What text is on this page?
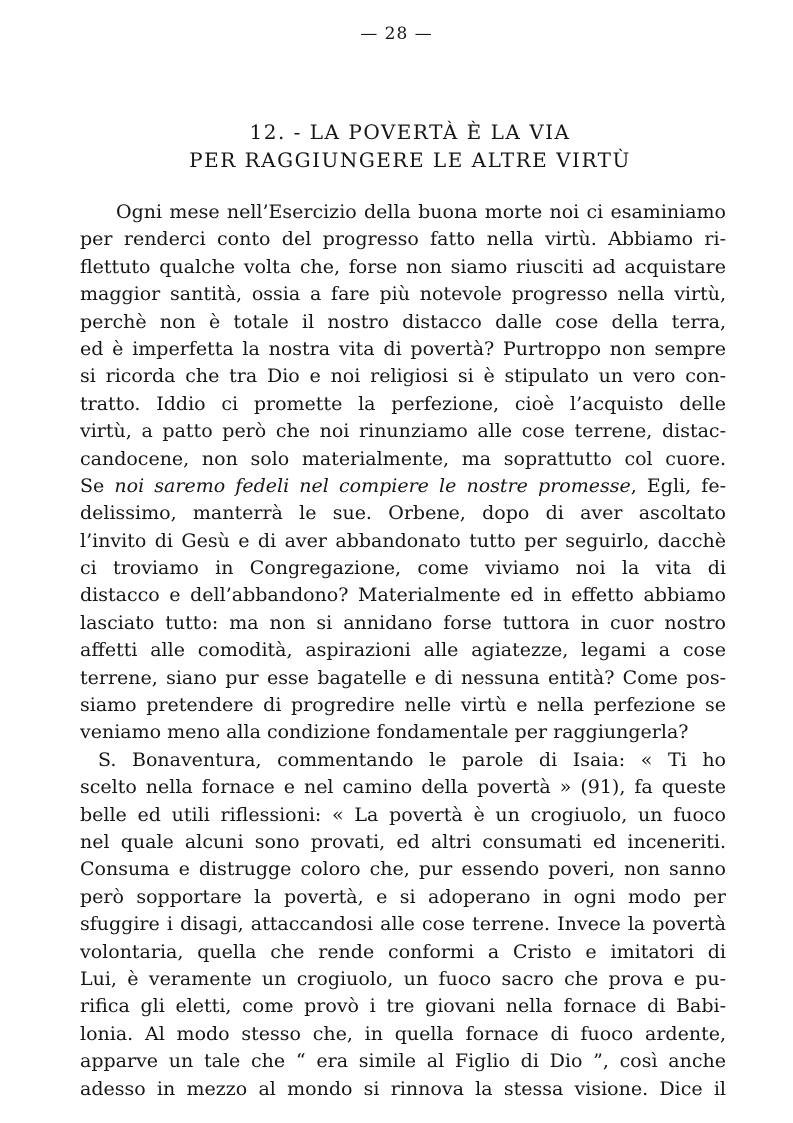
— 28 —
12. - LA POVERTÀ È LA VIA
PER RAGGIUNGERE LE ALTRE VIRTÙ
Ogni mese nell’Esercizio della buona morte noi ci esaminiamo
per renderci conto del progresso fatto nella virtù. Abbiamo ri-
flettuto qualche volta che, forse non siamo riusciti ad acquistare
maggior santità, ossia a fare più notevole progresso nella virtù,
perchè non è totale il nostro distacco dalle cose della terra,
ed è imperfetta la nostra vita di povertà? Purtroppo non sempre
si ricorda che tra Dio e noi religiosi si è stipulato un vero con-
tratto. Iddio ci promette la perfezione, cioè l’acquisto delle
virtù, a patto però che noi rinunziamo alle cose terrene, distac-
candocene, non solo materialmente, ma soprattutto col cuore.
Se noi saremo fedeli nel compiere le nostre promesse, Egli, fe-
delissimo, manterrà le sue. Orbene, dopo di aver ascoltato
l’invito di Gesù e di aver abbandonato tutto per seguirlo, dacchè
ci troviamo in Congregazione, come viviamo noi la vita di
distacco e dell’abbandono? Materialmente ed in effetto abbiamo
lasciato tutto: ma non si annidano forse tuttora in cuor nostro
affetti alle comodità, aspirazioni alle agiatezze, legami a cose
terrene, siano pur esse bagatelle e di nessuna entità? Come pos-
siamo pretendere di progredire nelle virtù e nella perfezione se
veniamo meno alla condizione fondamentale per raggiungerla?
S. Bonaventura, commentando le parole di Isaia: « Ti ho
scelto nella fornace e nel camino della povertà » (91), fa queste
belle ed utili riflessioni: « La povertà è un crogiuolo, un fuoco
nel quale alcuni sono provati, ed altri consumati ed inceneriti.
Consuma e distrugge coloro che, pur essendo poveri, non sanno
però sopportare la povertà, e si adoperano in ogni modo per
sfuggire i disagi, attaccandosi alle cose terrene. Invece la povertà
volontaria, quella che rende conformi a Cristo e imitatori di
Lui, è veramente un crogiuolo, un fuoco sacro che prova e pu-
rifica gli eletti, come provò i tre giovani nella fornace di Babi-
lonia. Al modo stesso che, in quella fornace di fuoco ardente,
apparve un tale che “ era simile al Figlio di Dio ”, così anche
adesso in mezzo al mondo si rinnova la stessa visione. Dice il
